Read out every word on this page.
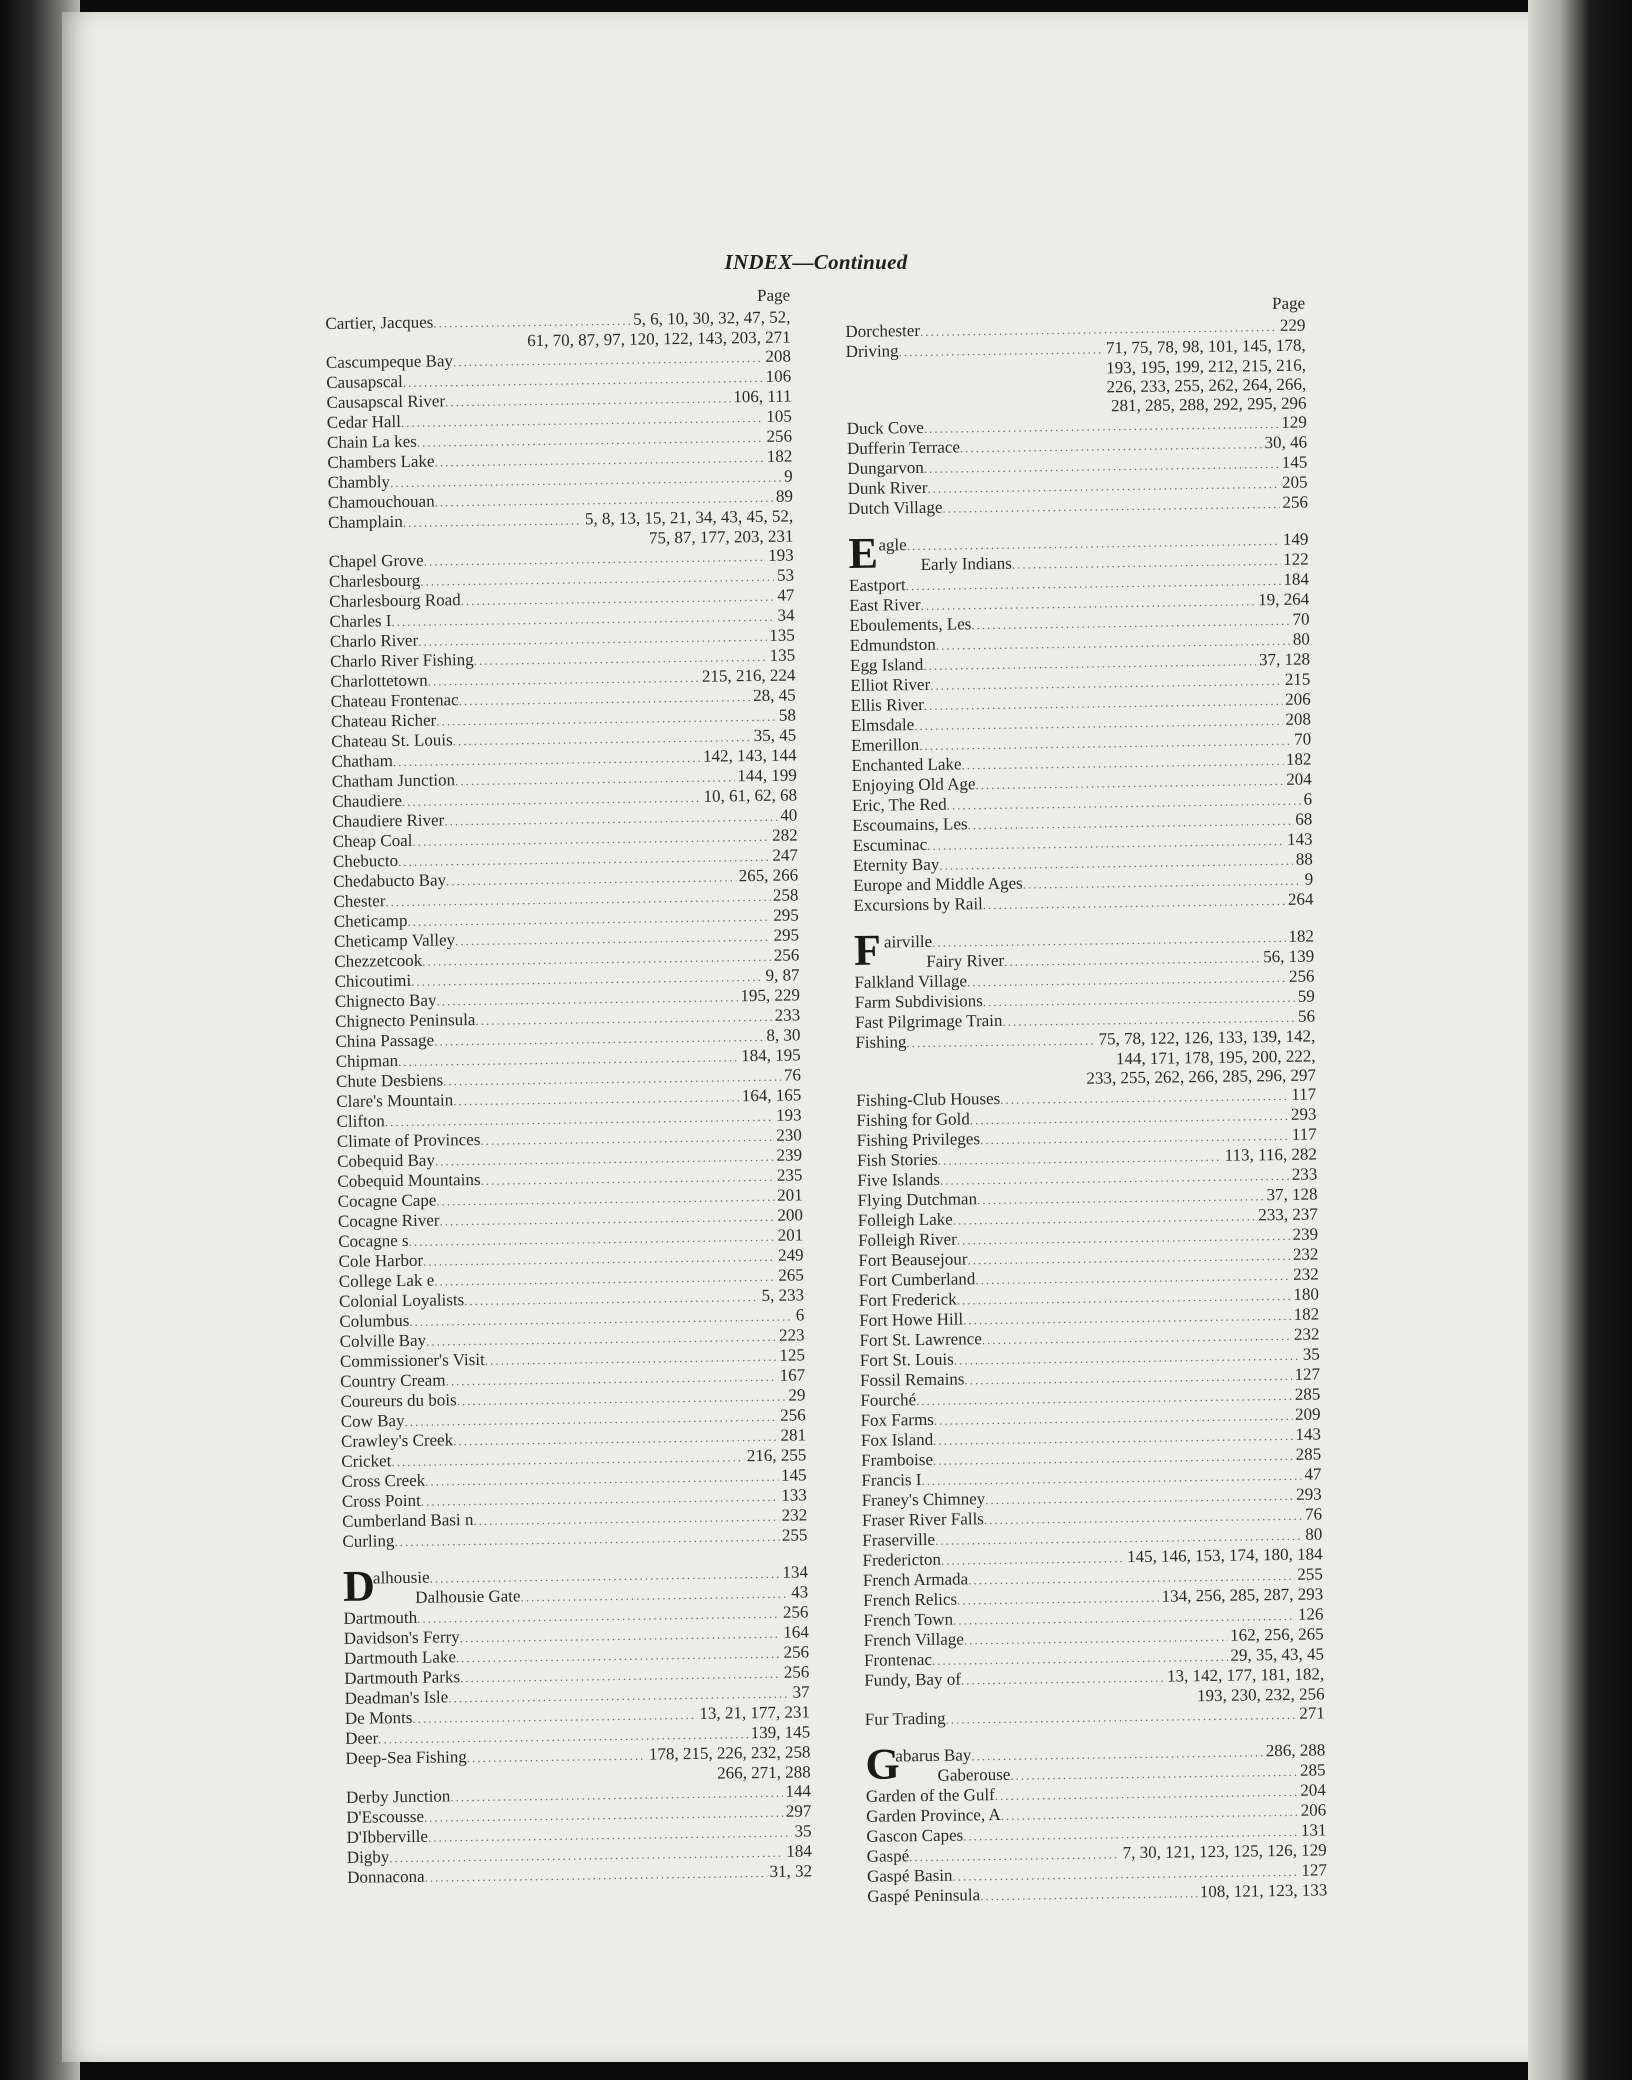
INDEX—Continued
Page
Cartier, Jacques .....	5, 6, 10, 30, 32, 47, 52,
61, 70, 87, 97, 120, 122, 143, 203, 271
Cascumpeque Bay .....	208
Causapscal .....	106
Causapscal River .....	106, 111
Cedar Hall .....	105
Chain La kes .....	256
Chambers Lake .....	182
Chambly .....	9
Chamouchouan .....	89
Champlain .....	5, 8, 13, 15, 21, 34, 43, 45, 52,
75, 87, 177, 203, 231
Chapel Grove .....	193
Charlesbourg .....	53
Charlesbourg Road .....	47
Charles I .....	34
Charlo River .....	135
Charlo River Fishing .....	135
Charlottetown .....	215, 216, 224
Chateau Frontenac .....	28, 45
Chateau Richer .....	58
Chateau St. Louis .....	35, 45
Chatham .....	142, 143, 144
Chatham Junction .....	144, 199
Chaudiere .....	10, 61, 62, 68
Chaudiere River .....	40
Cheap Coal .....	282
Chebucto .....	247
Chedabucto Bay .....	265, 266
Chester .....	258
Cheticamp .....	295
Cheticamp Valley .....	295
Chezzetcook .....	256
Chicoutimi .....	9, 87
Chignecto Bay .....	195, 229
Chignecto Peninsula .....	233
China Passage .....	8, 30
Chipman .....	184, 195
Chute Desbiens .....	76
Clare's Mountain .....	164, 165
Clifton .....	193
Climate of Provinces .....	230
Cobequid Bay .....	239
Cobequid Mountains .....	235
Cocagne Cape .....	201
Cocagne River .....	200
Cocagne s .....	201
Cole Harbor .....	249
College Lak e .....	265
Colonial Loyalists .....	5, 233
Columbus .....	6
Colville Bay .....	223
Commissioner's Visit .....	125
Country Cream .....	167
Coureurs du bois .....	29
Cow Bay .....	256
Crawley's Creek .....	281
Cricket .....	216, 255
Cross Creek .....	145
Cross Point .....	133
Cumberland Basi n .....	232
Curling .....	255
D
alhousie .....	134
Dalhousie Gate .....	43
Dartmouth .....	256
Davidson's Ferry .....	164
Dartmouth Lake .....	256
Dartmouth Parks .....	256
Deadman's Isle .....	37
De Monts .....	13, 21, 177, 231
Deer .....	139, 145
Deep-Sea Fishing .....	178, 215, 226, 232, 258
266, 271, 288
Derby Junction .....	144
D'Escousse .....	297
D'Ibberville .....	35
Digby .....	184
Donnacona .....	31, 32
Page
Dorchester .....	229
Driving .....	71, 75, 78, 98, 101, 145, 178,
193, 195, 199, 212, 215, 216,
226, 233, 255, 262, 264, 266,
281, 285, 288, 292, 295, 296
Duck Cove .....	129
Dufferin Terrace .....	30, 46
Dungarvon .....	145
Dunk River .....	205
Dutch Village .....	256
E agle .....	149
Early Indians .....	122
Eastport .....	184
East River .....	19, 264
Eboulements, Les .....	70
Edmundston .....	80
Egg Island .....	37, 128
Elliot River .....	215
Ellis River .....	206
Elmsdale .....	208
Emerillon .....	70
Enchanted Lake .....	182
Enjoying Old Age .....	204
Eric, The Red .....	6
Escoumains, Les .....	68
Escuminac .....	143
Eternity Bay .....	88
Europe and Middle Ages .....	9
Excursions by Rail .....	264
F airville .....	182
Fairy River .....	56, 139
Falkland Village .....	256
Farm Subdivisions .....	59
Fast Pilgrimage Train .....	56
Fishing .....	75, 78, 122, 126, 133, 139, 142,
144, 171, 178, 195, 200, 222,
233, 255, 262, 266, 285, 296, 297
Fishing-Club Houses .....	117
Fishing for Gold .....	293
Fishing Privileges .....	117
Fish Stories .....	113, 116, 282
Five Islands .....	233
Flying Dutchman .....	37, 128
Folleigh Lake .....	233, 237
Folleigh River .....	239
Fort Beausejour .....	232
Fort Cumberland .....	232
Fort Frederick .....	180
Fort Howe Hill .....	182
Fort St. Lawrence .....	232
Fort St. Louis .....	35
Fossil Remains .....	127
Fourché .....	285
Fox Farms .....	209
Fox Island .....	143
Framboise .....	285
Francis I .....	47
Franey's Chimney .....	293
Fraser River Falls .....	76
Fraserville .....	80
Fredericton .....	145, 146, 153, 174, 180, 184
French Armada .....	255
French Relics .....	134, 256, 285, 287, 293
French Town .....	126
French Village .....	162, 256, 265
Frontenac .....	29, 35, 43, 45
Fundy, Bay of .....	13, 142, 177, 181, 182,
193, 230, 232, 256
Fur Trading .....	271
G
abarus Bay .....	286, 288
Gaberouse .....	285
Garden of the Gulf .....	204
Garden Province, A .....	206
Gascon Capes .....	131
Gaspé .....	7, 30, 121, 123, 125, 126, 129
Gaspé Basin .....	127
Gaspé Peninsula .....	108, 121, 123, 133
